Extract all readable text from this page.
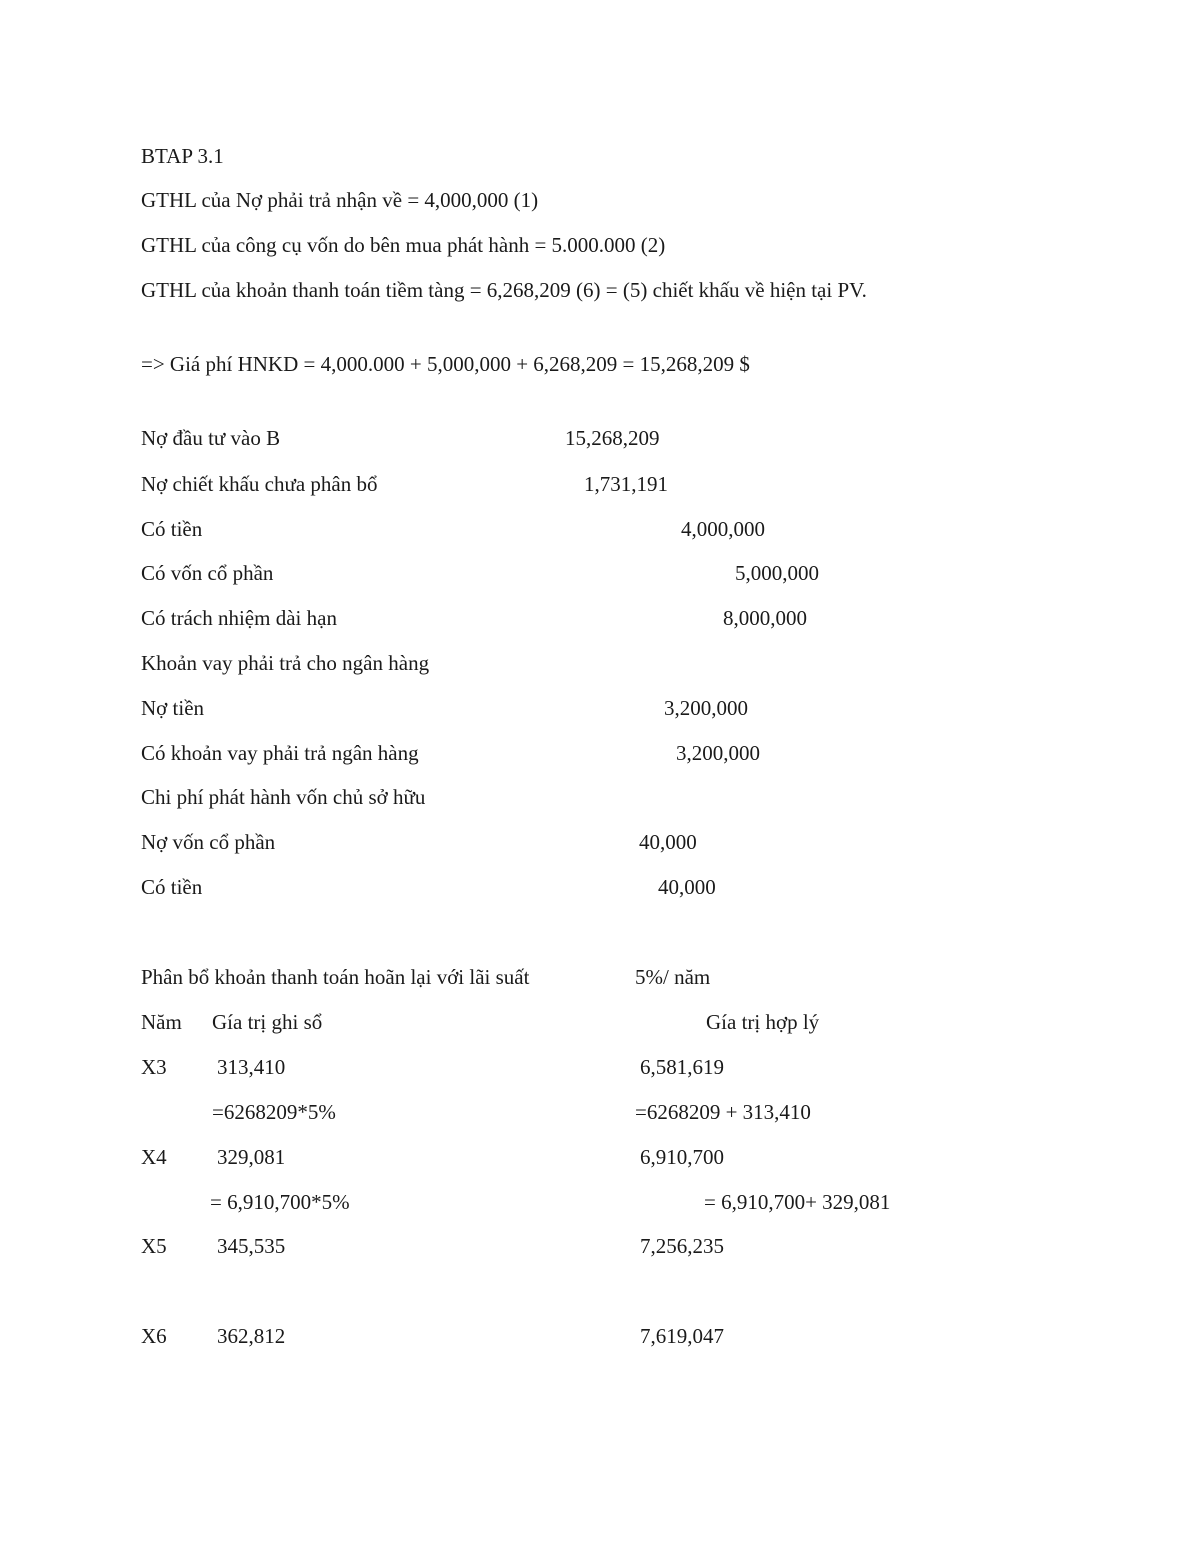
BTAP 3.1
GTHL của Nợ phải trả nhận về = 4,000,000 (1)
GTHL của công cụ vốn do bên mua phát hành = 5.000.000 (2)
GTHL của khoản thanh toán tiềm tàng = 6,268,209 (6) = (5) chiết khấu về hiện tại PV.
=> Giá phí HNKD = 4,000.000 + 5,000,000 + 6,268,209 = 15,268,209 $
Nợ đầu tư vào B	15,268,209
Nợ chiết khấu chưa phân bổ	1,731,191
Có tiền	4,000,000
Có vốn cổ phần	5,000,000
Có trách nhiệm dài hạn	8,000,000
Khoản vay phải trả cho ngân hàng
Nợ tiền	3,200,000
Có khoản vay phải trả ngân hàng	3,200,000
Chi phí phát hành vốn chủ sở hữu
Nợ vốn cổ phần	40,000
Có tiền	40,000
Phân bổ khoản thanh toán hoãn lại với lãi suất	5%/ năm
Năm Gía trị ghi sổ	Gía trị hợp lý
X3 313,410	6,581,619
=6268209*5%	=6268209 + 313,410
X4 329,081	6,910,700
= 6,910,700*5%	= 6,910,700+ 329,081
X5 345,535	7,256,235
X6 362,812	7,619,047
